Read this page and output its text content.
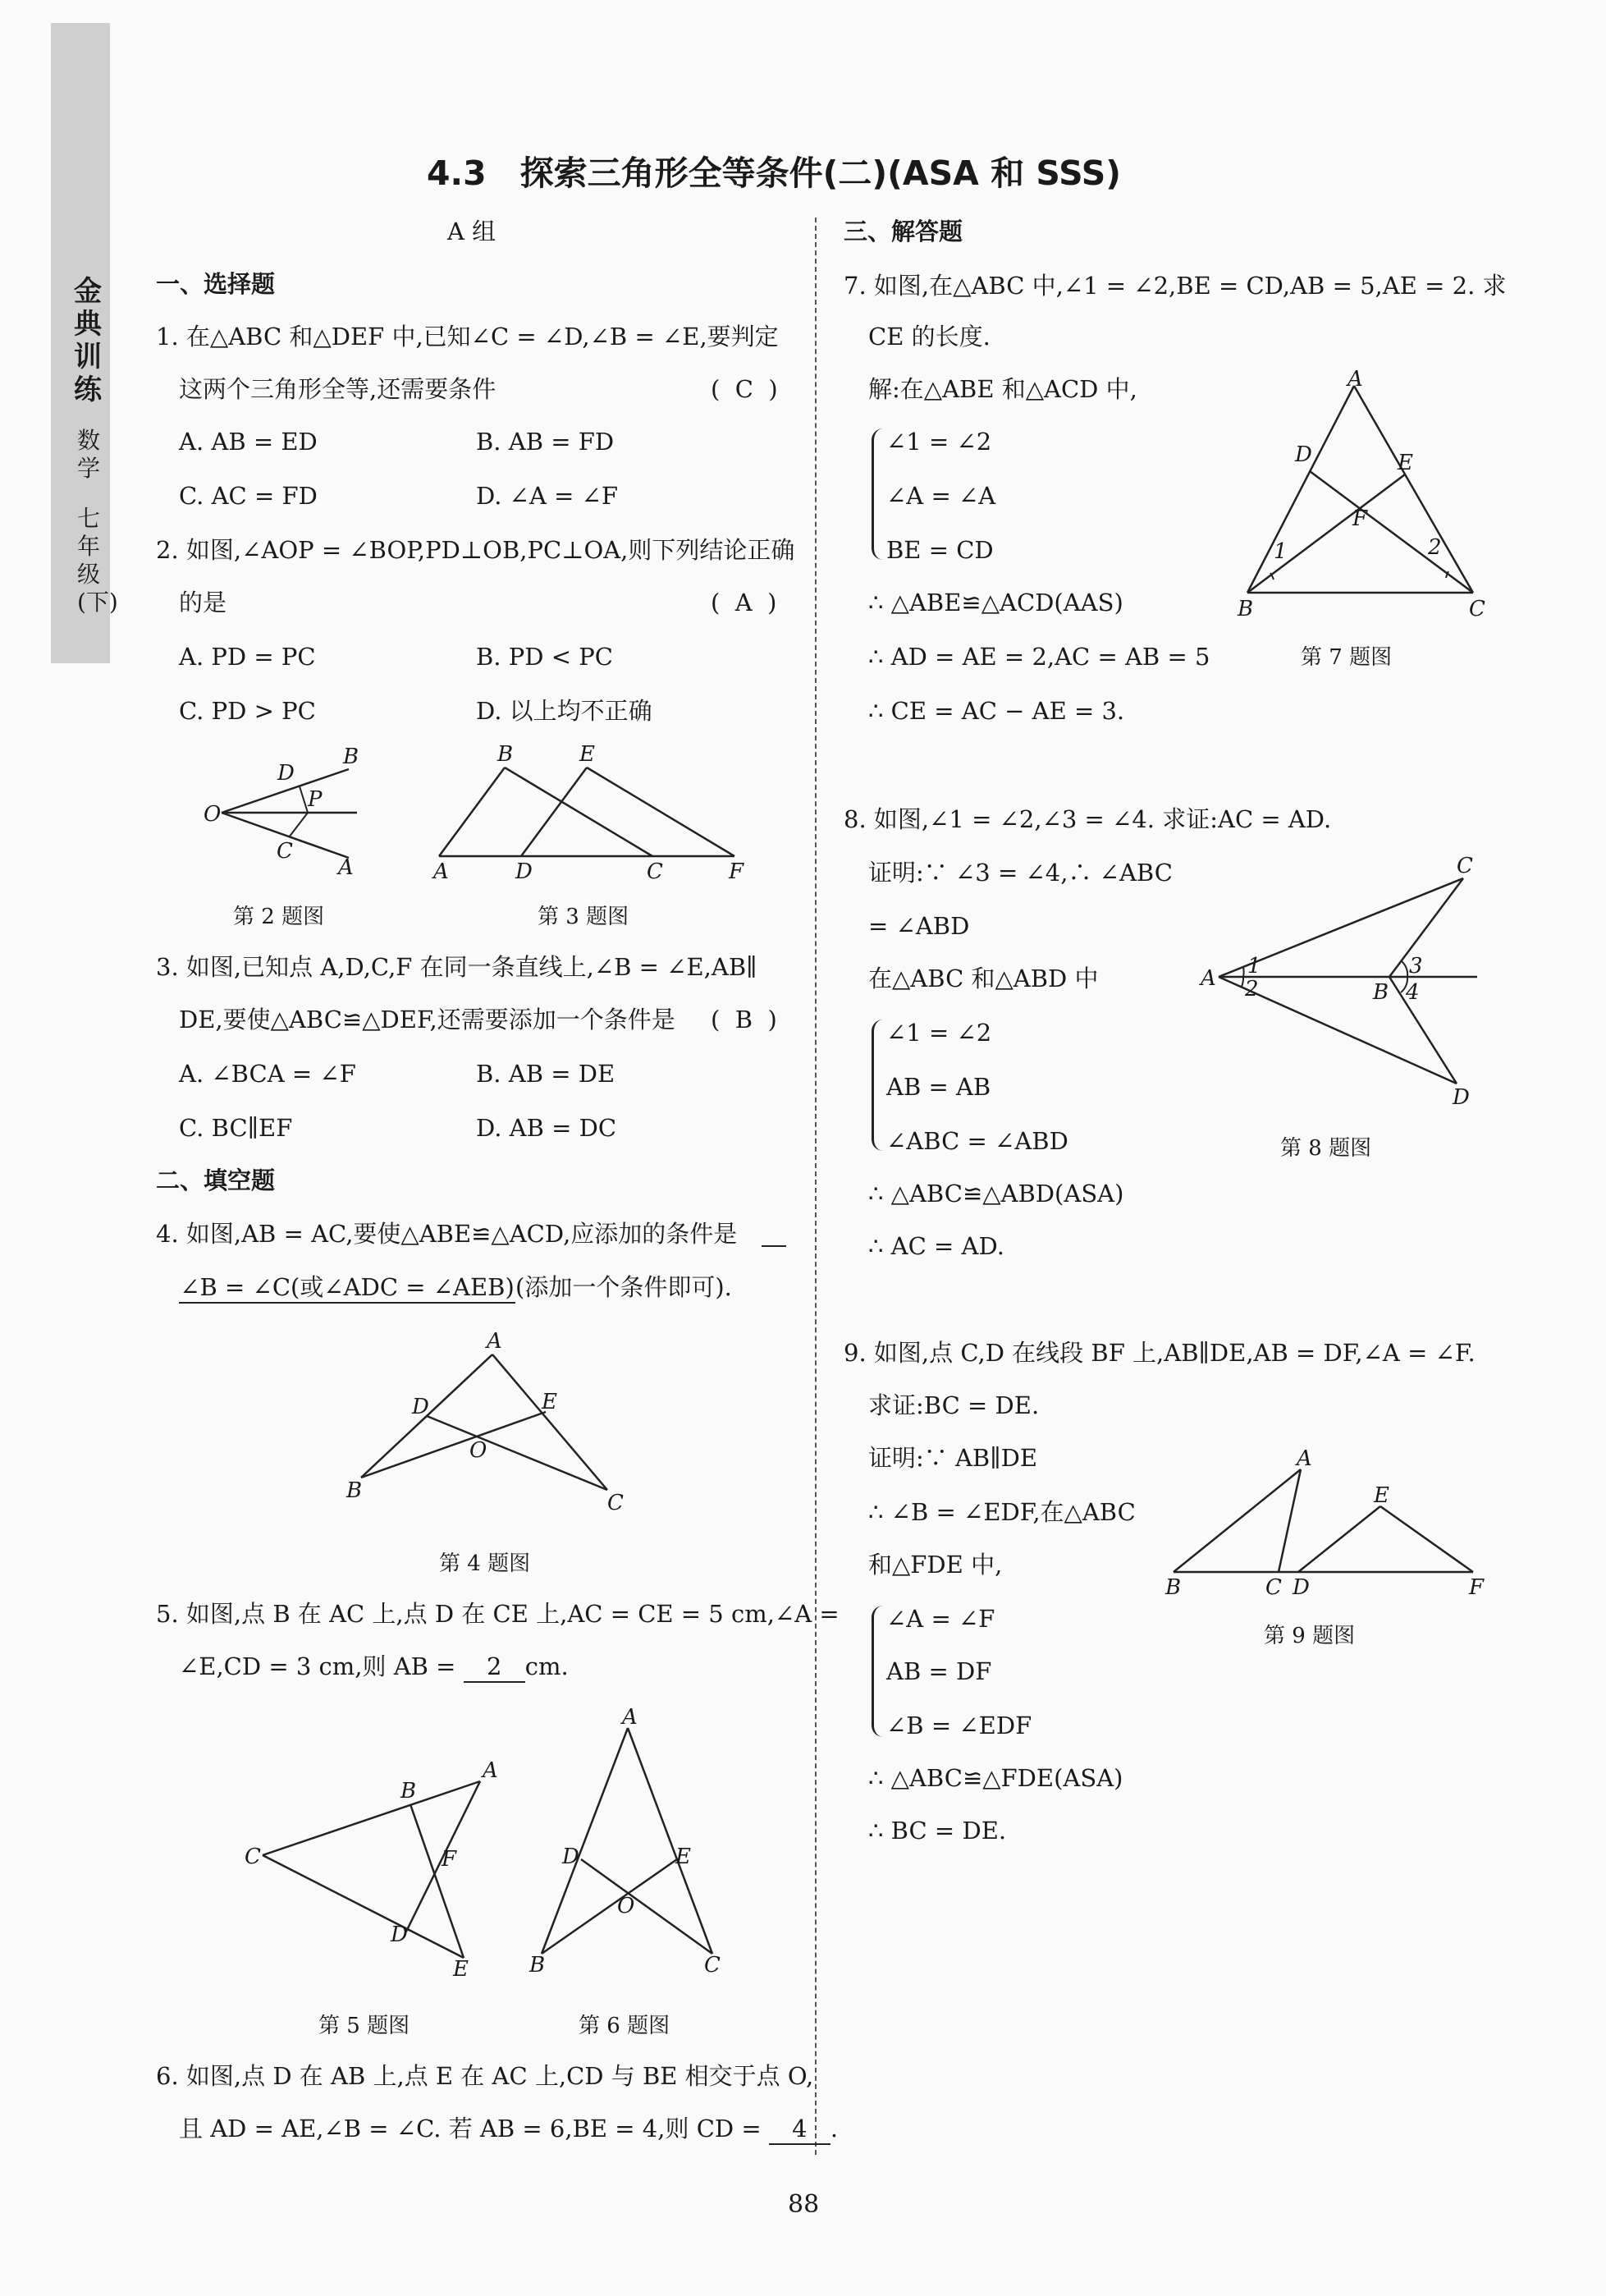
金典训练
数学
七年级(下)
4.3　探索三角形全等条件(二)(ASA 和 SSS)
A 组
一、选择题
1. 在△ABC 和△DEF 中,已知∠C = ∠D,∠B = ∠E,要判定
这两个三角形全等,还需要条件	( C )
A. AB = ED	B. AB = FD
C. AC = FD	D. ∠A = ∠F
2. 如图,∠AOP = ∠BOP,PD⊥OB,PC⊥OA,则下列结论正确
的是	( A )
A. PD = PC	B. PD < PC
C. PD > PC	D. 以上均不正确
O
D
B
P
C
A
第 2 题图
A	D	C	F
B	E
第 3 题图
3. 如图,已知点 A,D,C,F 在同一条直线上,∠B = ∠E,AB∥
DE,要使△ABC≌△DEF,还需要添加一个条件是 ( B )
A. ∠BCA = ∠F	B. AB = DE
C. BC∥EF	D. AB = DC
二、填空题
4. 如图,AB = AC,要使△ABE≌△ACD,应添加的条件是
∠B = ∠C(或∠ADC = ∠AEB)(添加一个条件即可).
A
D	E
O
B	C
第 4 题图
5. 如图,点 B 在 AC 上,点 D 在 CE 上,AC = CE = 5 cm,∠A =
∠E,CD = 3 cm,则 AB = 2 cm.
A
B
C	F
D
E
第 5 题图
A
D	E
O
B	C
第 6 题图
6. 如图,点 D 在 AB 上,点 E 在 AC 上,CD 与 BE 相交于点 O,
且 AD = AE,∠B = ∠C. 若 AB = 6,BE = 4,则 CD = 4 .
三、解答题
7. 如图,在△ABC 中,∠1 = ∠2,BE = CD,AB = 5,AE = 2. 求
CE 的长度.
解:在△ABE 和△ACD 中,
∠1 = ∠2
∠A = ∠A
BE = CD
∴ △ABE≌△ACD(AAS)
∴ AD = AE = 2,AC = AB = 5
∴ CE = AC − AE = 3.
A
D	E
F
1	2
B	C
第 7 题图
8. 如图,∠1 = ∠2,∠3 = ∠4. 求证:AC = AD.
证明:∵ ∠3 = ∠4,∴ ∠ABC
= ∠ABD
在△ABC 和△ABD 中
∠1 = ∠2
AB = AB
∠ABC = ∠ABD
∴ △ABC≌△ABD(ASA)
∴ AC = AD.
A 1
2	B
3
4
C
D
第 8 题图
9. 如图,点 C,D 在线段 BF 上,AB∥DE,AB = DF,∠A = ∠F.
求证:BC = DE.
证明:∵ AB∥DE
∴ ∠B = ∠EDF,在△ABC
和△FDE 中,
∠A = ∠F
AB = DF
∠B = ∠EDF
∴ △ABC≌△FDE(ASA)
∴ BC = DE.
A
E
B	C D	F
第 9 题图
88
